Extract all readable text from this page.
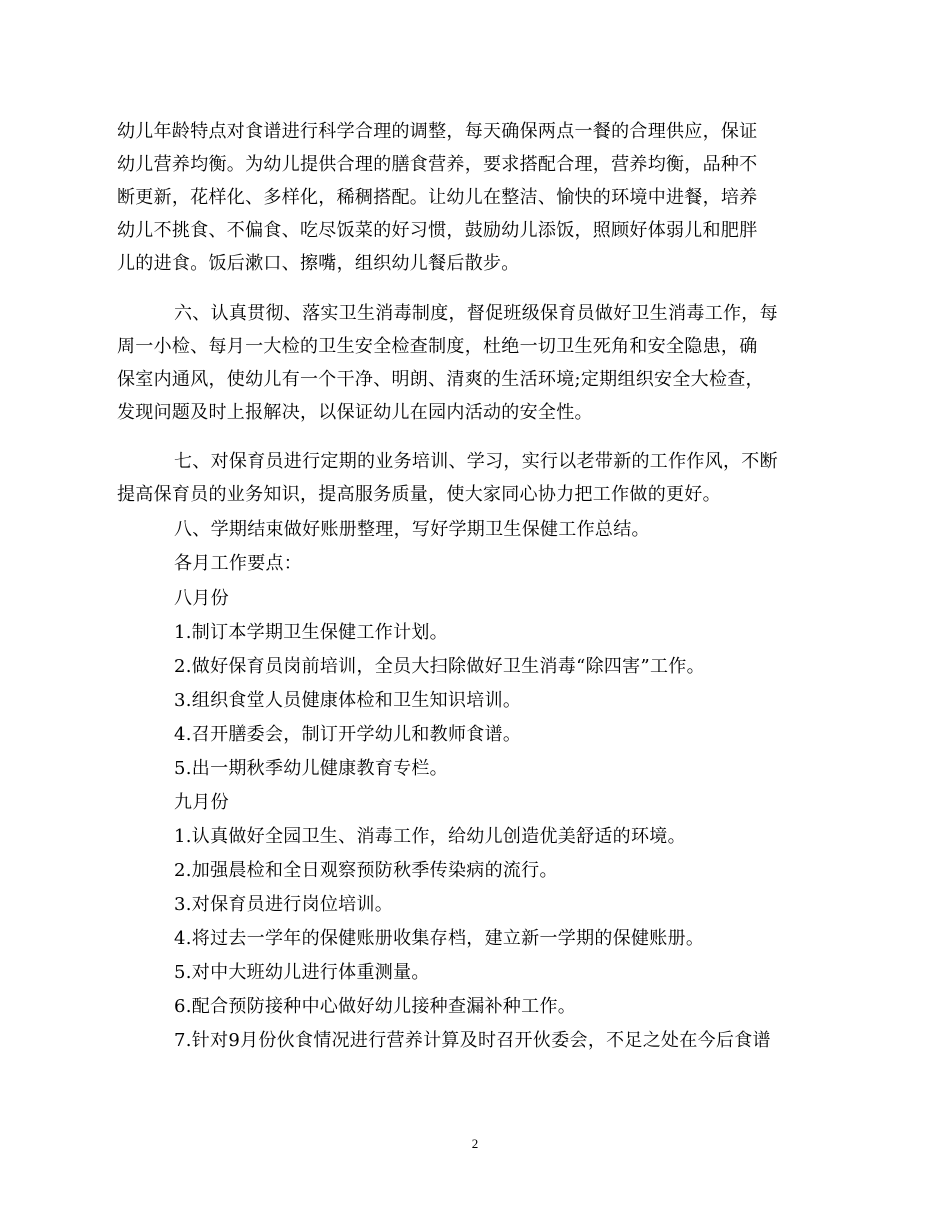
幼儿年龄特点对食谱进行科学合理的调整，每天确保两点一餐的合理供应，保证
幼儿营养均衡。为幼儿提供合理的膳食营养，要求搭配合理，营养均衡，品种不
断更新，花样化、多样化，稀稠搭配。让幼儿在整洁、愉快的环境中进餐，培养
幼儿不挑食、不偏食、吃尽饭菜的好习惯，鼓励幼儿添饭，照顾好体弱儿和肥胖
儿的进食。饭后漱口、擦嘴，组织幼儿餐后散步。
六、认真贯彻、落实卫生消毒制度，督促班级保育员做好卫生消毒工作，每
周一小检、每月一大检的卫生安全检查制度，杜绝一切卫生死角和安全隐患，确
保室内通风，使幼儿有一个干净、明朗、清爽的生活环境;定期组织安全大检查，
发现问题及时上报解决，以保证幼儿在园内活动的安全性。
七、对保育员进行定期的业务培训、学习，实行以老带新的工作作风，不断
提高保育员的业务知识，提高服务质量，使大家同心协力把工作做的更好。
八、学期结束做好账册整理，写好学期卫生保健工作总结。
各月工作要点：
八月份
1.制订本学期卫生保健工作计划。
2.做好保育员岗前培训，全员大扫除做好卫生消毒“除四害”工作。
3.组织食堂人员健康体检和卫生知识培训。
4.召开膳委会，制订开学幼儿和教师食谱。
5.出一期秋季幼儿健康教育专栏。
九月份
1.认真做好全园卫生、消毒工作，给幼儿创造优美舒适的环境。
2.加强晨检和全日观察预防秋季传染病的流行。
3.对保育员进行岗位培训。
4.将过去一学年的保健账册收集存档，建立新一学期的保健账册。
5.对中大班幼儿进行体重测量。
6.配合预防接种中心做好幼儿接种查漏补种工作。
7.针对9月份伙食情况进行营养计算及时召开伙委会，不足之处在今后食谱
2
